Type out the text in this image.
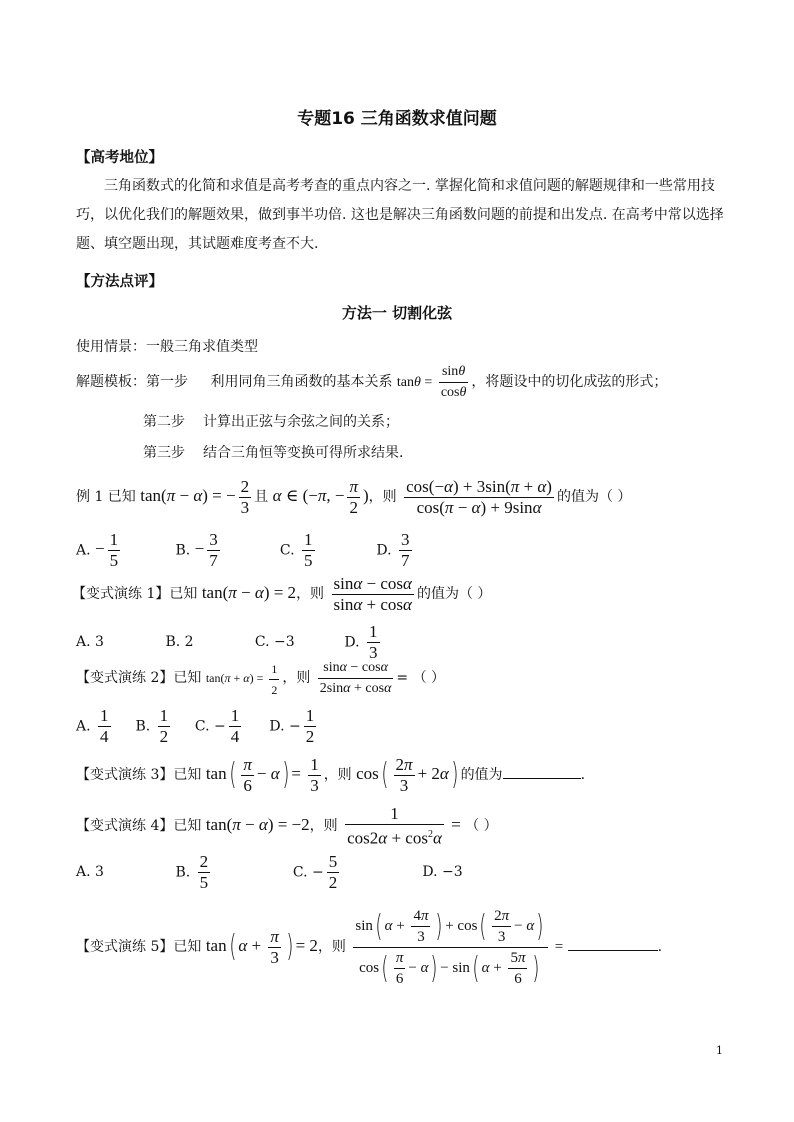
专题16 三角函数求值问题
【高考地位】

三角函数式的化简和求值是高考考查的重点内容之一. 掌握化简和求值问题的解题规律和一些常用技巧，以优化我们的解题效果，做到事半功倍. 这也是解决三角函数问题的前提和出发点. 在高考中常以选择题、填空题出现，其试题难度考查不大.

【方法点评】
方法一 切割化弦
使用情景：一般三角求值类型
解题模板：第一步 利用同角三角函数的基本关系 $\tan\theta = \frac{\sin\theta}{\cos\theta}$ ，将题设中的切化成弦的形式；
第二步 计算出正弦与余弦之间的关系；
第三步 结合三角恒等变换可得所求结果.
例 1 已知 tan(π − α) = − $\frac{2}{3}$ 且 α ∈ (−π, − $\frac{\pi}{2}$ )，则 $\frac{\cos(-\alpha) + 3\sin(\pi + \alpha)}{\cos(\pi - \alpha) + 9\sin\alpha}$ 的值为（ ）
A. − $\frac{1}{5}$	B. − $\frac{3}{7}$	C. $\frac{1}{5}$	D. $\frac{3}{7}$
【变式演练 1】已知 tan(π − α) = 2，则 $\frac{\sin\alpha - \cos\alpha}{\sin\alpha + \cos\alpha}$ 的值为（ ）
A. 3	B. 2	C. −3	D. $\frac{1}{3}$
【变式演练 2】已知 $\tan(\pi + \alpha) = \frac{1}{2}$ ，则 $\frac{\sin\alpha - \cos\alpha}{2\sin\alpha + \cos\alpha}$ = （ ）
A. $\frac{1}{4} B$. $\frac{1}{2} C$. − $\frac{1}{4} D$. − $\frac{1}{2}$
【变式演练 3】已知 $\tan( \frac{\pi}{6} - \alpha) = \frac{1}{3}$ ，则 $\cos( \frac{2\pi}{3} + 2\alpha)$ 的值为	.
【变式演练 4】已知 tan(π − α) = −2，则 $\frac{1}{\cos 2\alpha + \cos^2\alpha}$ = （ ）
A. 3	B. $\frac{2}{5}$	C. − $\frac{5}{2}$	D. −3
【变式演练 5】已知 tan( $\alpha + \frac{\pi}{3}$ ) = 2，则 $\frac{\sin( \alpha + \frac{4\pi}{3} ) + \cos( \frac{2\pi}{3} - \alpha)}{\cos( \frac{\pi}{6} - \alpha) - \sin( \alpha + \frac{5\pi}{6} )}$ =	.
1
